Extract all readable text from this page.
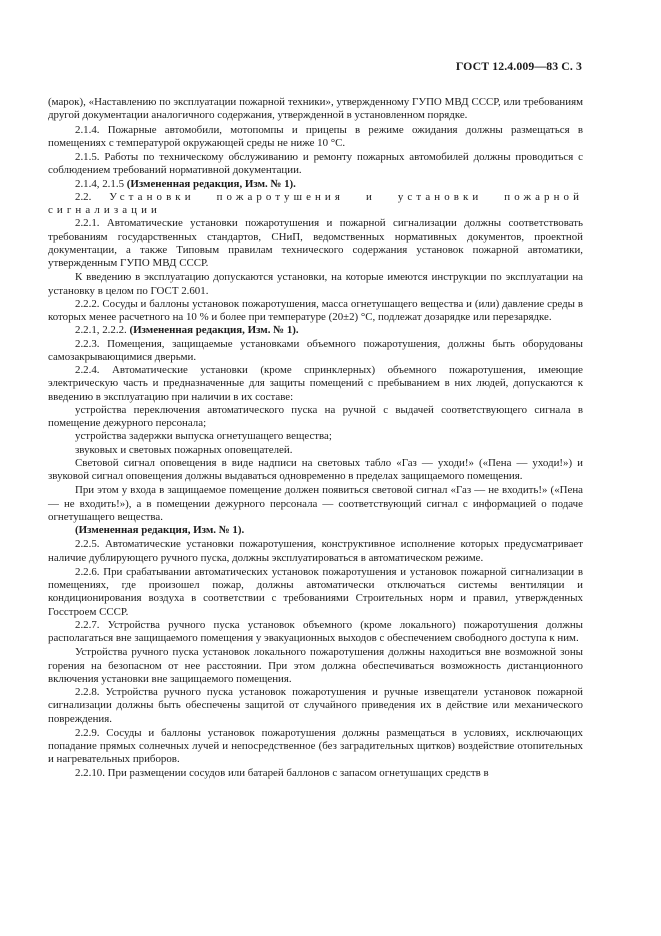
ГОСТ 12.4.009—83 С. 3

(марок), «Наставлению по эксплуатации пожарной техники», утвержденному ГУПО МВД СССР, или требованиям другой документации аналогичного содержания, утвержденной в установленном порядке.

2.1.4. Пожарные автомобили, мотопомпы и прицепы в режиме ожидания должны размещаться в помещениях с температурой окружающей среды не ниже 10 °С.

2.1.5. Работы по техническому обслуживанию и ремонту пожарных автомобилей должны проводиться с соблюдением требований нормативной документации.

2.1.4, 2.1.5 (Измененная редакция, Изм. № 1).

2.2. Установки пожаротушения и установки пожарной сигнализации

2.2.1. Автоматические установки пожаротушения и пожарной сигнализации должны соответствовать требованиям государственных стандартов, СНиП, ведомственных нормативных документов, проектной документации, а также Типовым правилам технического содержания установок пожарной автоматики, утвержденным ГУПО МВД СССР.

К введению в эксплуатацию допускаются установки, на которые имеются инструкции по эксплуатации на установку в целом по ГОСТ 2.601.

2.2.2. Сосуды и баллоны установок пожаротушения, масса огнетушащего вещества и (или) давление среды в которых менее расчетного на 10 % и более при температуре (20±2) °С, подлежат дозарядке или перезарядке.

2.2.1, 2.2.2. (Измененная редакция, Изм. № 1).

2.2.3. Помещения, защищаемые установками объемного пожаротушения, должны быть оборудованы самозакрывающимися дверьми.

2.2.4. Автоматические установки (кроме спринклерных) объемного пожаротушения, имеющие электрическую часть и предназначенные для защиты помещений с пребыванием в них людей, допускаются к введению в эксплуатацию при наличии в их составе:

устройства переключения автоматического пуска на ручной с выдачей соответствующего сигнала в помещение дежурного персонала;

устройства задержки выпуска огнетушащего вещества;

звуковых и световых пожарных оповещателей.

Световой сигнал оповещения в виде надписи на световых табло «Газ — уходи!» («Пена — уходи!») и звуковой сигнал оповещения должны выдаваться одновременно в пределах защищаемого помещения.

При этом у входа в защищаемое помещение должен появиться световой сигнал «Газ — не входить!» («Пена — не входить!»), а в помещении дежурного персонала — соответствующий сигнал с информацией о подаче огнетушащего вещества.

(Измененная редакция, Изм. № 1).

2.2.5. Автоматические установки пожаротушения, конструктивное исполнение которых предусматривает наличие дублирующего ручного пуска, должны эксплуатироваться в автоматическом режиме.

2.2.6. При срабатывании автоматических установок пожаротушения и установок пожарной сигнализации в помещениях, где произошел пожар, должны автоматически отключаться системы вентиляции и кондиционирования воздуха в соответствии с требованиями Строительных норм и правил, утвержденных Госстроем СССР.

2.2.7. Устройства ручного пуска установок объемного (кроме локального) пожаротушения должны располагаться вне защищаемого помещения у эвакуационных выходов с обеспечением свободного доступа к ним.

Устройства ручного пуска установок локального пожаротушения должны находиться вне возможной зоны горения на безопасном от нее расстоянии. При этом должна обеспечиваться возможность дистанционного включения установки вне защищаемого помещения.

2.2.8. Устройства ручного пуска установок пожаротушения и ручные извещатели установок пожарной сигнализации должны быть обеспечены защитой от случайного приведения их в действие или механического повреждения.

2.2.9. Сосуды и баллоны установок пожаротушения должны размещаться в условиях, исключающих попадание прямых солнечных лучей и непосредственное (без заградительных щитков) воздействие отопительных и нагревательных приборов.

2.2.10. При размещении сосудов или батарей баллонов с запасом огнетушащих средств в
